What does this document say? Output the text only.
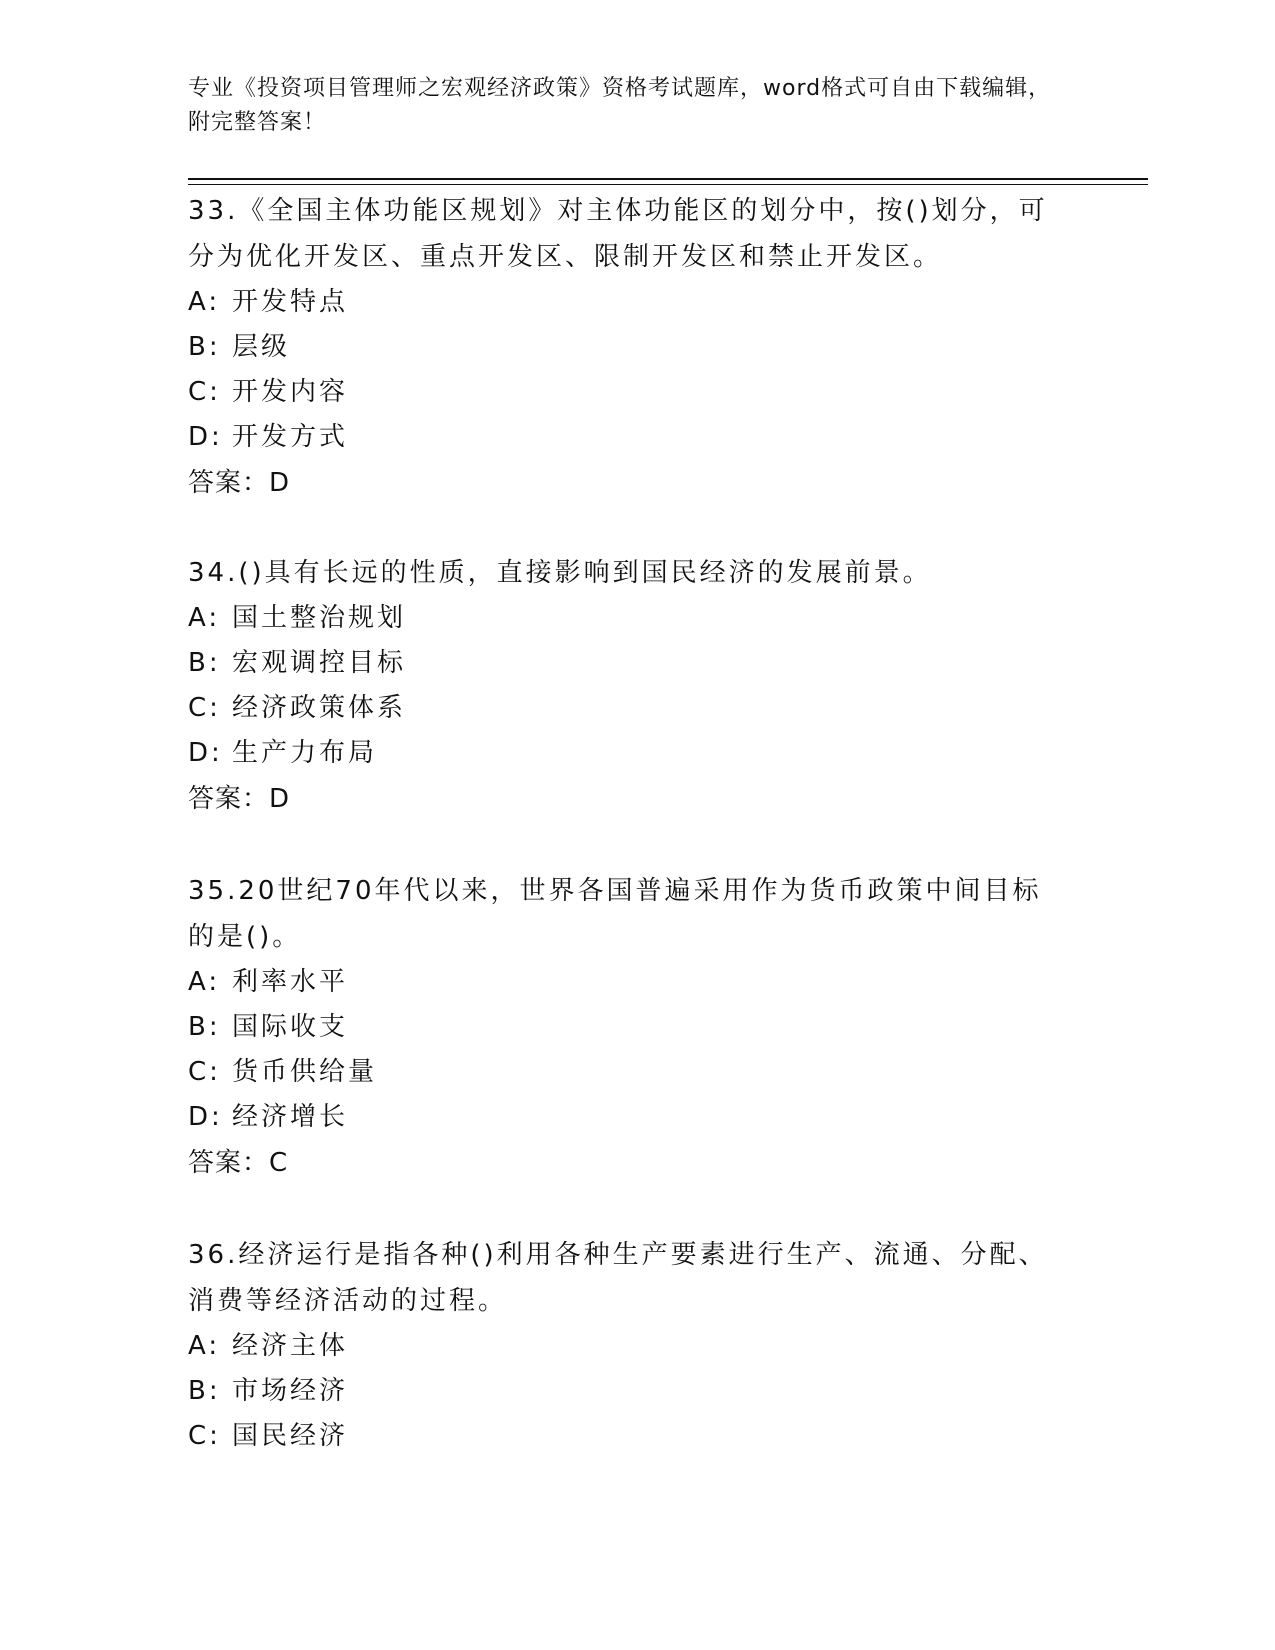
专业《投资项目管理师之宏观经济政策》资格考试题库，word格式可自由下载编辑，附完整答案！
33.《全国主体功能区规划》对主体功能区的划分中，按()划分，可分为优化开发区、重点开发区、限制开发区和禁止开发区。
A: 开发特点
B: 层级
C: 开发内容
D: 开发方式
答案：D
34.()具有长远的性质，直接影响到国民经济的发展前景。
A: 国土整治规划
B: 宏观调控目标
C: 经济政策体系
D: 生产力布局
答案：D
35.20世纪70年代以来，世界各国普遍采用作为货币政策中间目标的是()。
A: 利率水平
B: 国际收支
C: 货币供给量
D: 经济增长
答案：C
36.经济运行是指各种()利用各种生产要素进行生产、流通、分配、消费等经济活动的过程。
A: 经济主体
B: 市场经济
C: 国民经济
